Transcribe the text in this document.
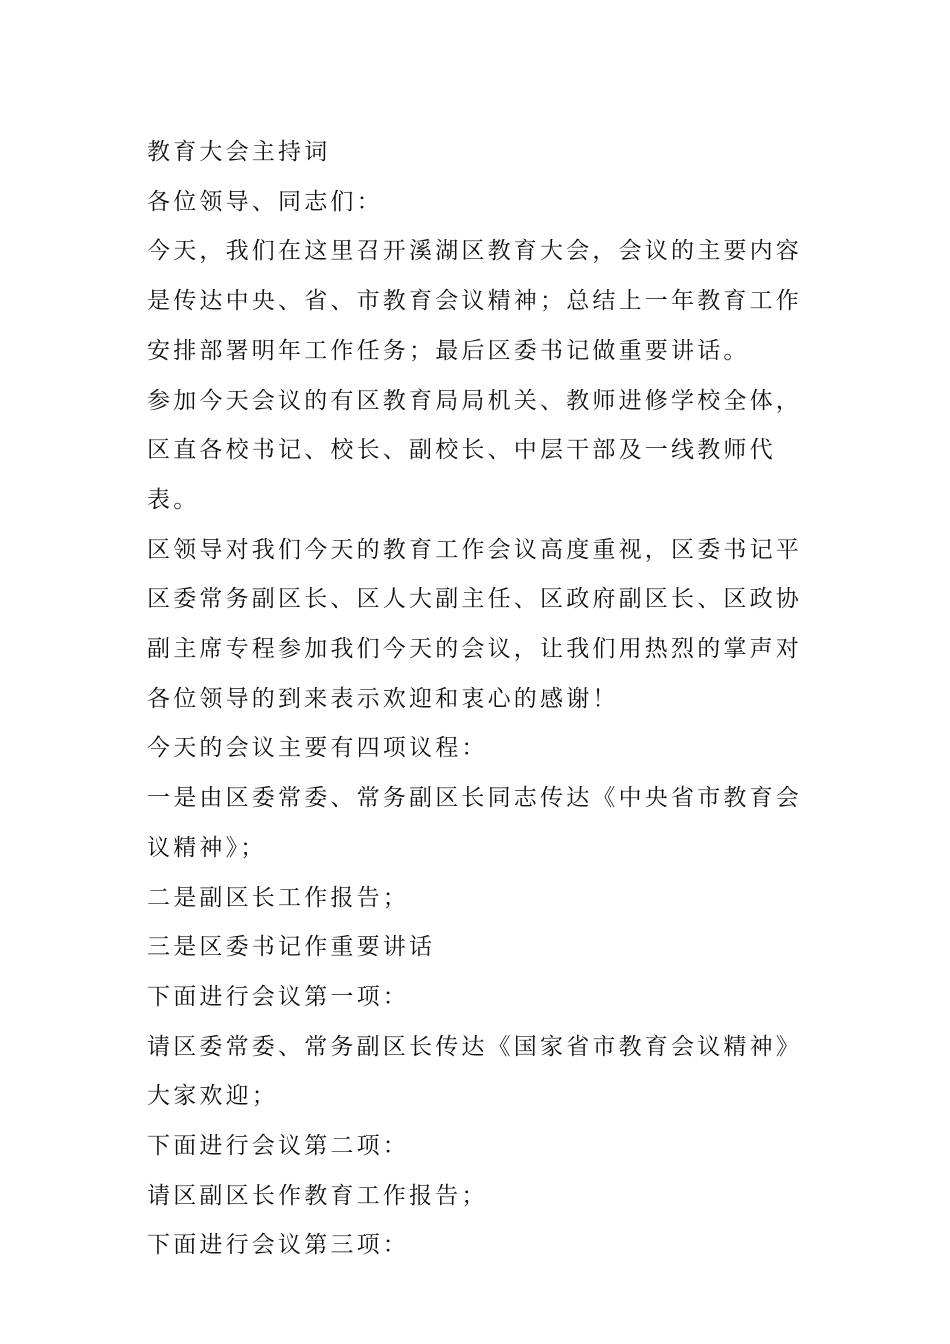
教育大会主持词

各位领导、同志们：

今天，我们在这里召开溪湖区教育大会，会议的主要内容是传达中央、省、市教育会议精神；总结上一年教育工作安排部署明年工作任务；最后区委书记做重要讲话。

参加今天会议的有区教育局局机关、教师进修学校全体，区直各校书记、校长、副校长、中层干部及一线教师代表。

区领导对我们今天的教育工作会议高度重视，区委书记平区委常务副区长、区人大副主任、区政府副区长、区政协副主席专程参加我们今天的会议，让我们用热烈的掌声对各位领导的到来表示欢迎和衷心的感谢！

今天的会议主要有四项议程：

一是由区委常委、常务副区长同志传达《中央省市教育会议精神》；

二是副区长工作报告；

三是区委书记作重要讲话

下面进行会议第一项：

请区委常委、常务副区长传达《国家省市教育会议精神》

大家欢迎；

下面进行会议第二项：

请区副区长作教育工作报告；

下面进行会议第三项：
